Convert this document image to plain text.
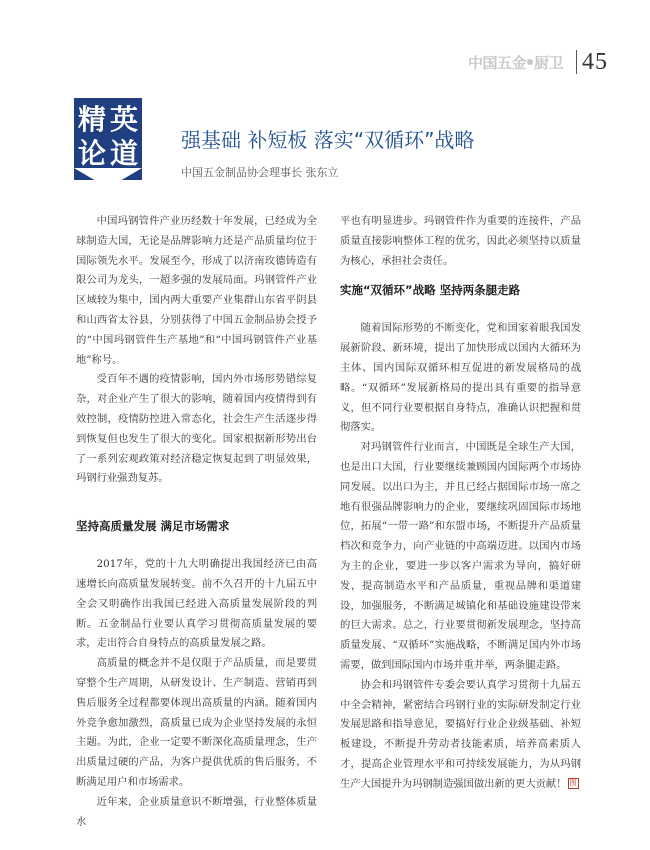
中国五金 厨卫 45
精 英
论 道 强基础 补短板 落实“双循环”战略
中国五金制品协会理事长 张东立

中国玛钢管件产业历经数十年发展，已经成为全球制造大国，无论是品牌影响力还是产品质量均位于国际领先水平。发展至今，形成了以济南玫德铸造有限公司为龙头，一超多强的发展局面。玛钢管件产业区域较为集中，国内两大重要产业集群山东省平阴县和山西省太谷县，分别获得了中国五金制品协会授予的“中国玛钢管件生产基地”和“中国玛钢管件产业基地”称号。

受百年不遇的疫情影响，国内外市场形势错综复杂，对企业产生了很大的影响，随着国内疫情得到有效控制，疫情防控进入常态化，社会生产生活逐步得到恢复但也发生了很大的变化。国家根据新形势出台了一系列宏观政策对经济稳定恢复起到了明显效果，玛钢行业强劲复苏。

坚持高质量发展 满足市场需求

2017年，党的十九大明确提出我国经济已由高速增长向高质量发展转变。前不久召开的十九届五中全会又明确作出我国已经进入高质量发展阶段的判断。五金制品行业要认真学习贯彻高质量发展的要求，走出符合自身特点的高质量发展之路。

高质量的概念并不是仅限于产品质量，而是要贯穿整个生产周期，从研发设计、生产制造、营销再到售后服务全过程都要体现出高质量的内涵。随着国内外竞争愈加激烈，高质量已成为企业坚持发展的永恒主题。为此，企业一定要不断深化高质量理念，生产出质量过硬的产品，为客户提供优质的售后服务，不断满足用户和市场需求。

近年来，企业质量意识不断增强，行业整体质量水

平也有明显进步。玛钢管件作为重要的连接件，产品质量直接影响整体工程的优劣，因此必须坚持以质量为核心，承担社会责任。

实施“双循环”战略 坚持两条腿走路

随着国际形势的不断变化，党和国家着眼我国发展新阶段、新环境，提出了加快形成以国内大循环为主体、国内国际双循环相互促进的新发展格局的战略。“双循环”发展新格局的提出具有重要的指导意义，但不同行业要根据自身特点，准确认识把握和贯彻落实。

对玛钢管件行业而言，中国既是全球生产大国，也是出口大国，行业要继续兼顾国内国际两个市场协同发展。以出口为主，并且已经占据国际市场一席之地有很强品牌影响力的企业，要继续巩固国际市场地位，拓展“一带一路”和东盟市场，不断提升产品质量档次和竞争力，向产业链的中高端迈进。以国内市场为主的企业，要进一步以客户需求为导向，搞好研发，提高制造水平和产品质量，重视品牌和渠道建设，加强服务，不断满足城镇化和基础设施建设带来的巨大需求。总之，行业要贯彻新发展理念，坚持高质量发展、“双循环”实施战略，不断满足国内外市场需要，做到国际国内市场并重并举，两条腿走路。

协会和玛钢管件专委会要认真学习贯彻十九届五中全会精神，紧密结合玛钢行业的实际研发制定行业发展思路和指导意见，要搞好行业企业级基础、补短板建设，不断提升劳动者技能素质，培养高素质人才，提高企业管理水平和可持续发展能力，为从玛钢生产大国提升为玛钢制造强国做出新的更大贡献！ 图
